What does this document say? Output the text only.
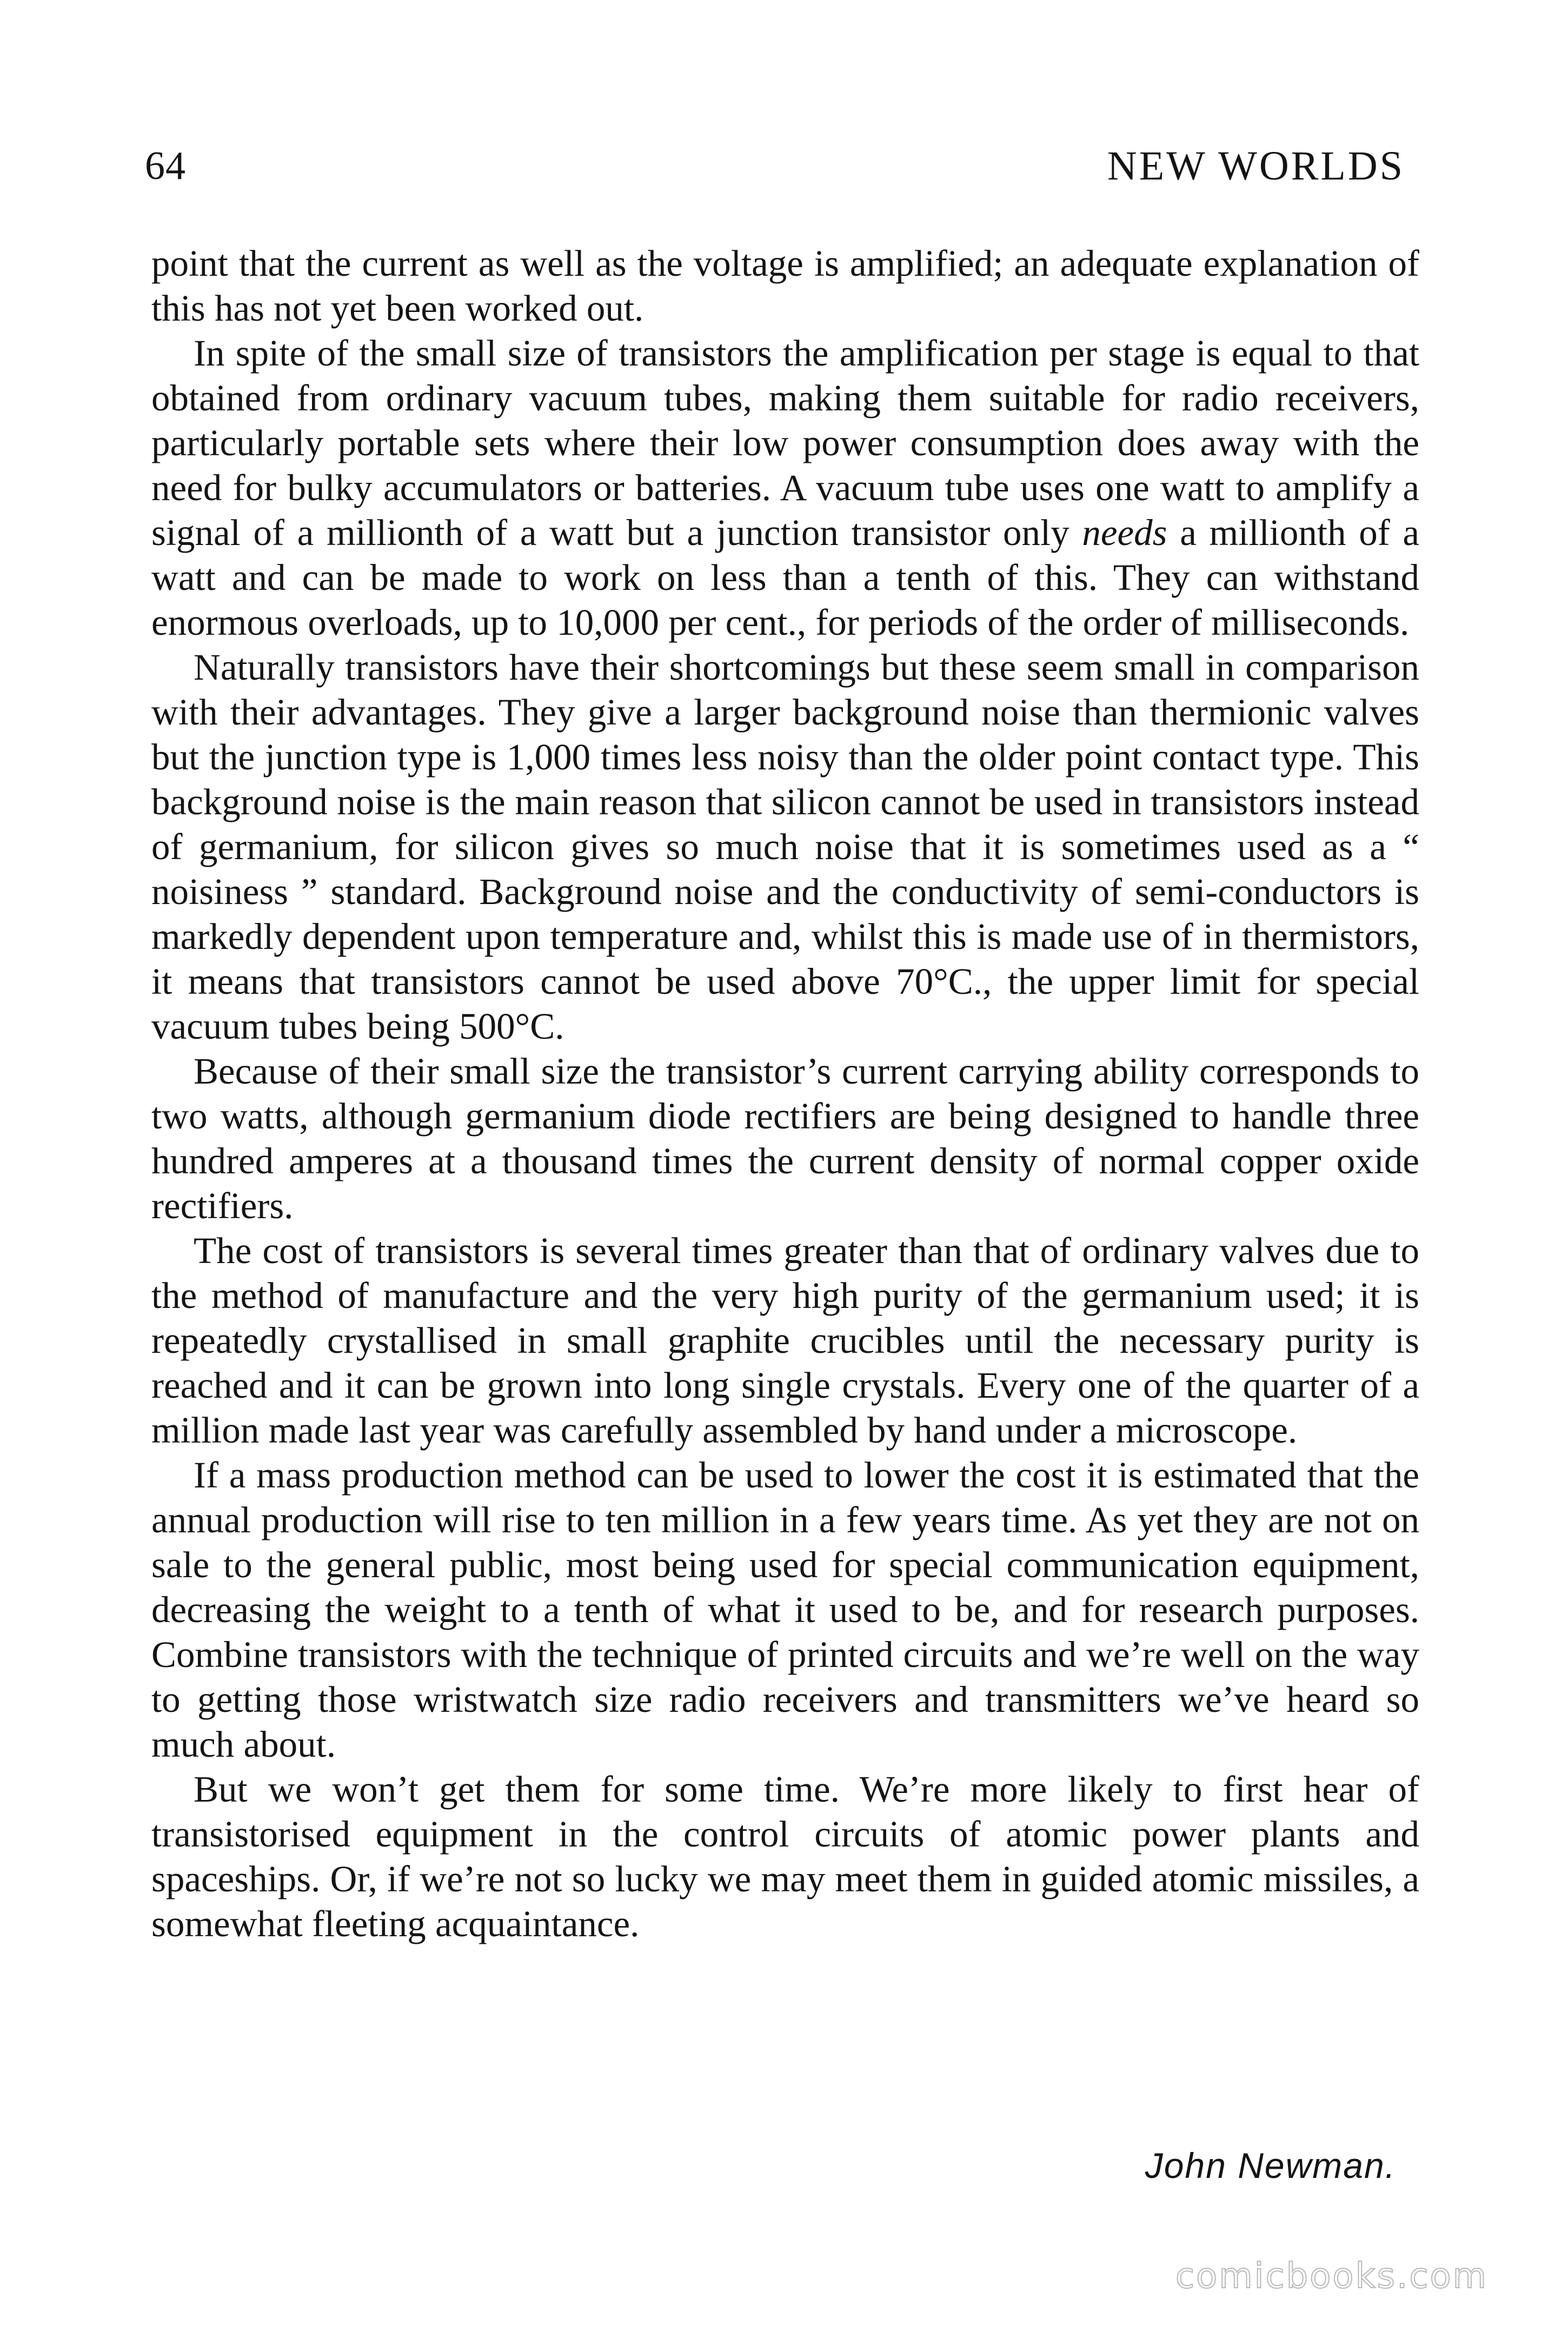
64	NEW WORLDS

point that the current as well as the voltage is amplified; an adequate explanation of this has not yet been worked out.

In spite of the small size of transistors the amplification per stage is equal to that obtained from ordinary vacuum tubes, making them suitable for radio receivers, particularly portable sets where their low power consumption does away with the need for bulky accumulators or batteries. A vacuum tube uses one watt to amplify a signal of a millionth of a watt but a junction transistor only needs a millionth of a watt and can be made to work on less than a tenth of this. They can withstand enormous overloads, up to 10,000 per cent., for periods of the order of milliseconds.

Naturally transistors have their shortcomings but these seem small in comparison with their advantages. They give a larger background noise than thermionic valves but the junction type is 1,000 times less noisy than the older point contact type. This background noise is the main reason that silicon cannot be used in transistors instead of germanium, for silicon gives so much noise that it is sometimes used as a “ noisiness ” standard. Background noise and the conductivity of semi-conductors is markedly dependent upon temperature and, whilst this is made use of in thermistors, it means that transistors cannot be used above 70°C., the upper limit for special vacuum tubes being 500°C.

Because of their small size the transistor’s current carrying ability corresponds to two watts, although germanium diode rectifiers are being designed to handle three hundred amperes at a thousand times the current density of normal copper oxide rectifiers.

The cost of transistors is several times greater than that of ordinary valves due to the method of manufacture and the very high purity of the germanium used; it is repeatedly crystallised in small graphite crucibles until the necessary purity is reached and it can be grown into long single crystals. Every one of the quarter of a million made last year was carefully assembled by hand under a microscope.

If a mass production method can be used to lower the cost it is estimated that the annual production will rise to ten million in a few years time. As yet they are not on sale to the general public, most being used for special communication equipment, decreasing the weight to a tenth of what it used to be, and for research purposes. Combine transistors with the technique of printed circuits and we’re well on the way to getting those wristwatch size radio receivers and transmitters we’ve heard so much about.

But we won’t get them for some time. We’re more likely to first hear of transistorised equipment in the control circuits of atomic power plants and spaceships. Or, if we’re not so lucky we may meet them in guided atomic missiles, a somewhat fleeting acquaintance.

John Newman.
comicbooks.com
